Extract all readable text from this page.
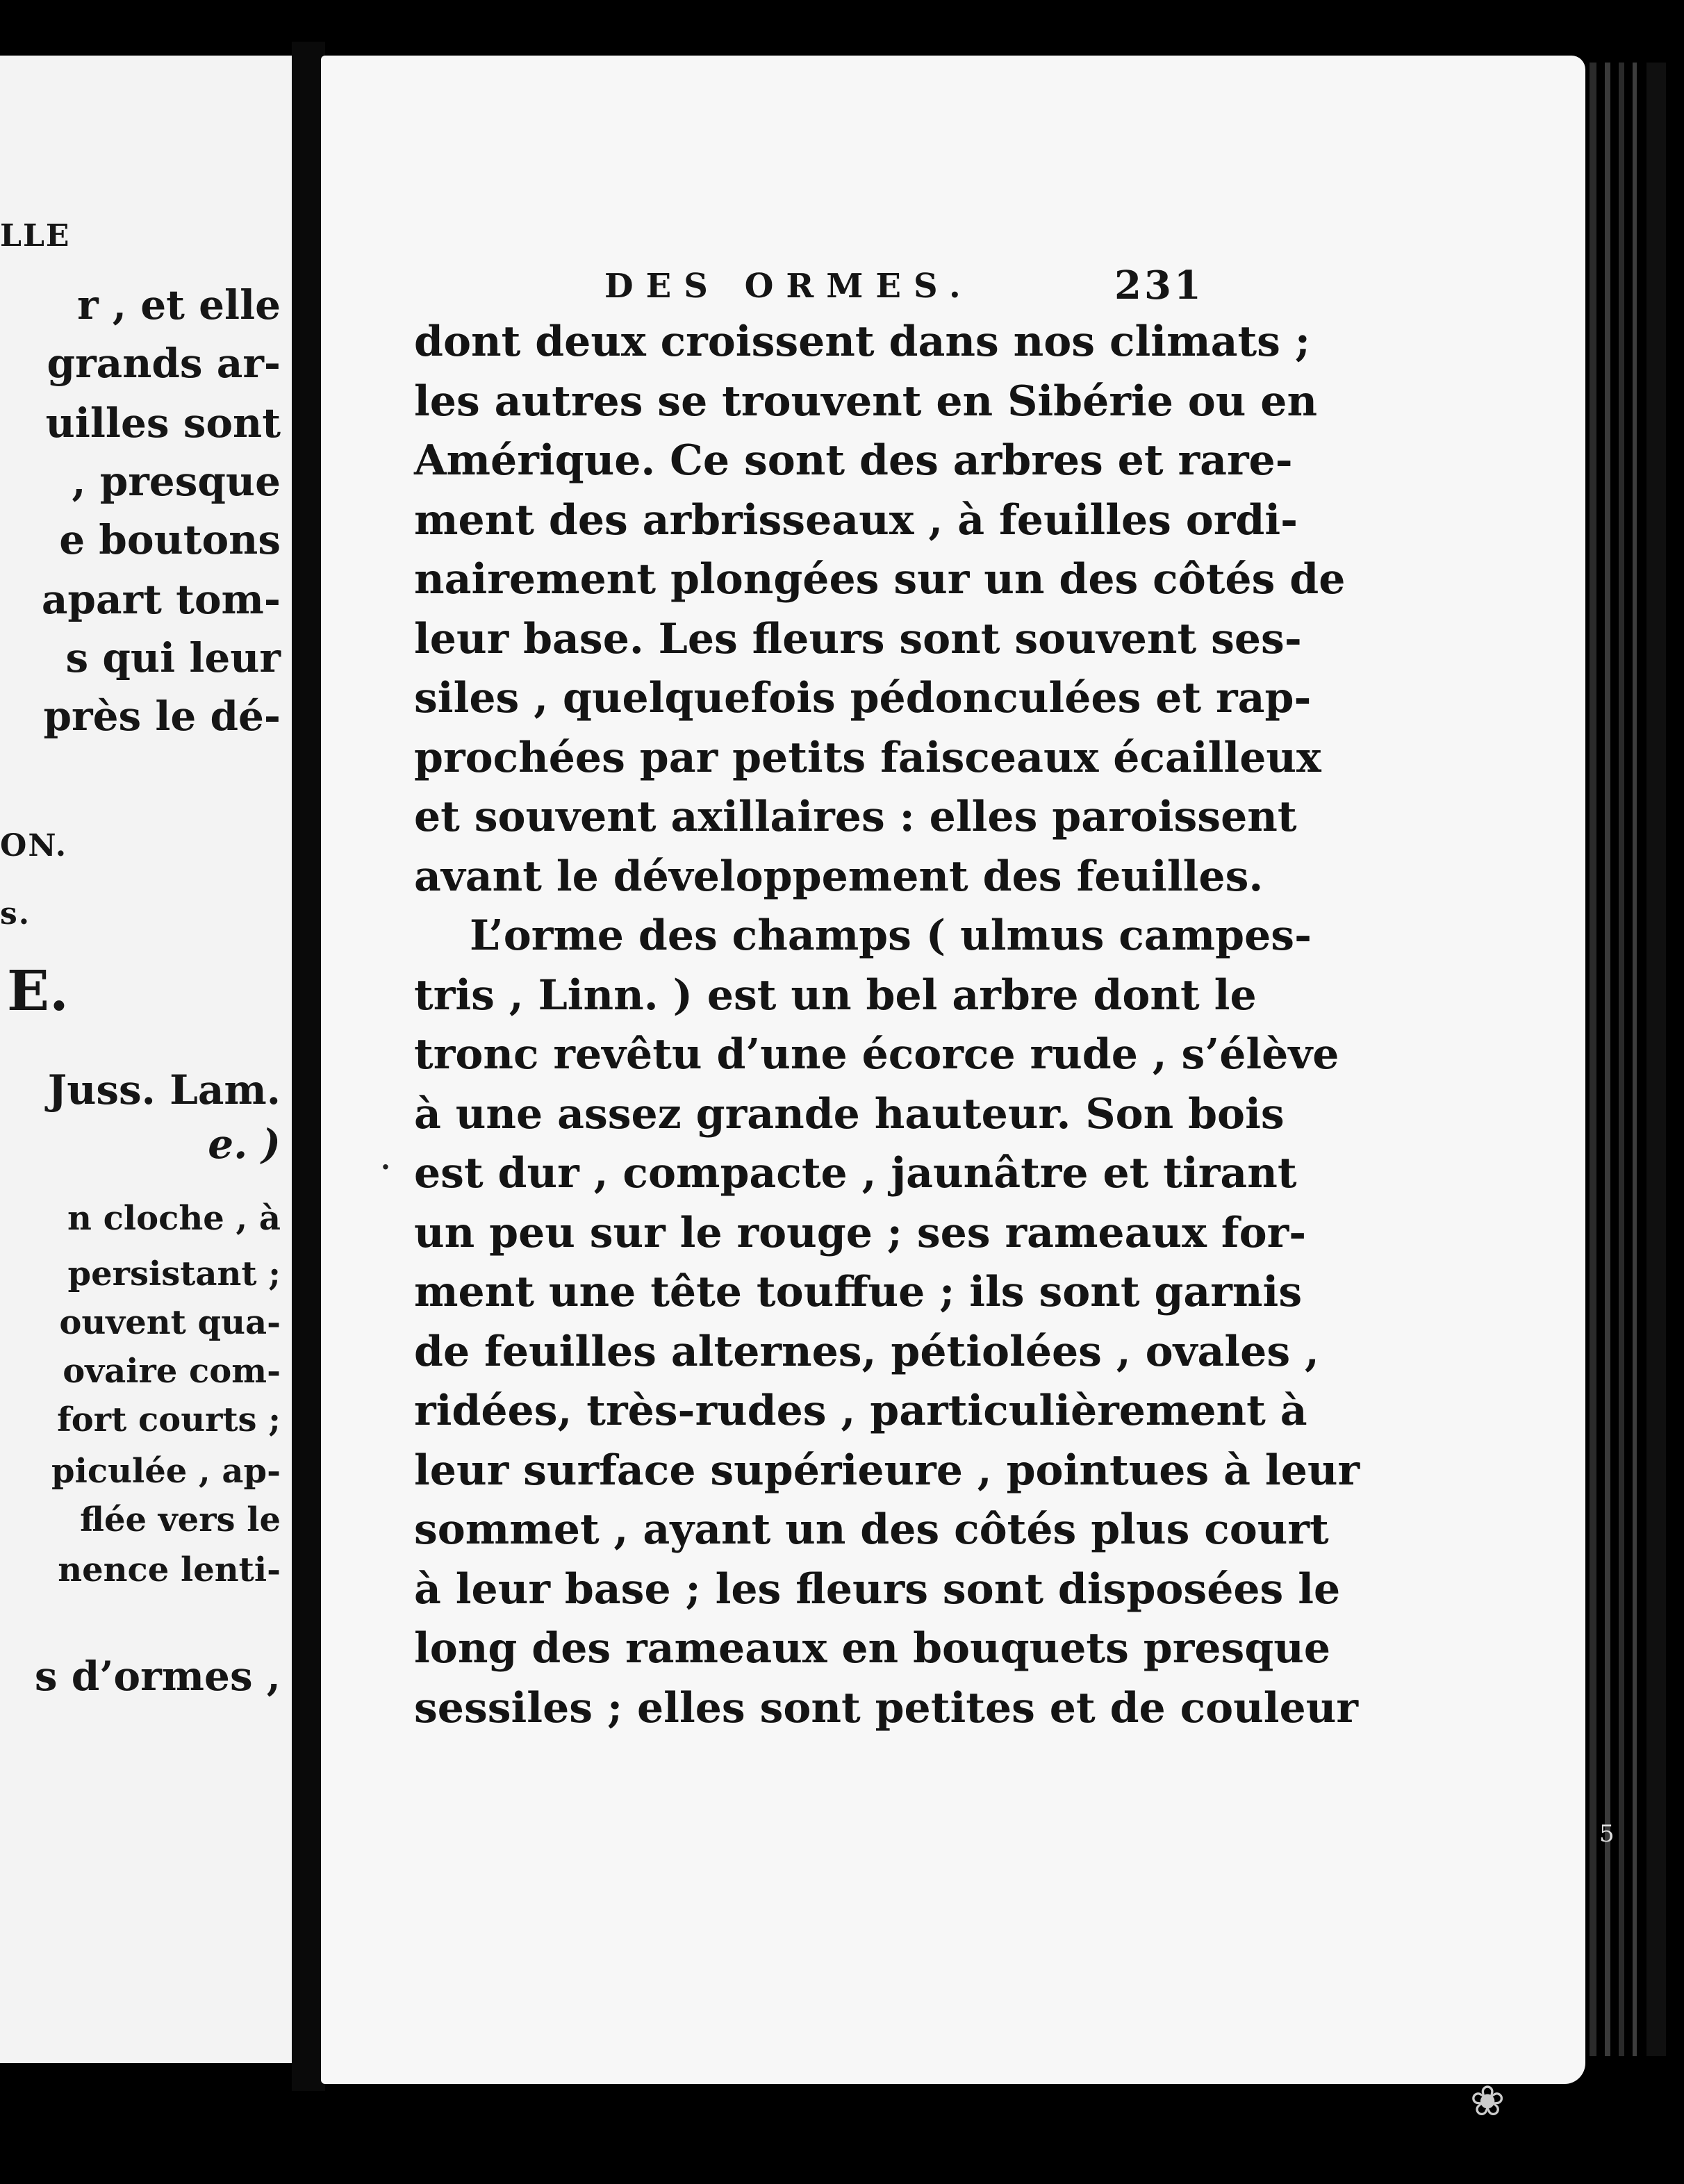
LLE
r , et elle
grands ar-
uilles sont
, presque
e boutons
apart tom-
s qui leur
près le dé-
ON.
s.
E.
Juss. Lam.
e. )
n cloche , à
persistant ;
ouvent qua-
ovaire com-
fort courts ;
piculée , ap-
flée vers le
nence lenti-
s d’ormes ,
5
DES ORMES.	231
dont deux croissent dans nos climats ;
les autres se trouvent en Sibérie ou en
Amérique. Ce sont des arbres et rare-
ment des arbrisseaux , à feuilles ordi-
nairement plongées sur un des côtés de
leur base. Les fleurs sont souvent ses-
siles , quelquefois pédonculées et rap-
prochées par petits faisceaux écailleux
et souvent axillaires : elles paroissent
avant le développement des feuilles.
L’orme des champs ( ulmus campes-
tris , Linn. ) est un bel arbre dont le
tronc revêtu d’une écorce rude , s’élève
à une assez grande hauteur. Son bois
est dur , compacte , jaunâtre et tirant
un peu sur le rouge ; ses rameaux for-
ment une tête touffue ; ils sont garnis
de feuilles alternes, pétiolées , ovales ,
ridées, très-rudes , particulièrement à
leur surface supérieure , pointues à leur
sommet , ayant un des côtés plus court
à leur base ; les fleurs sont disposées le
long des rameaux en bouquets presque
sessiles ; elles sont petites et de couleur
.
❀
